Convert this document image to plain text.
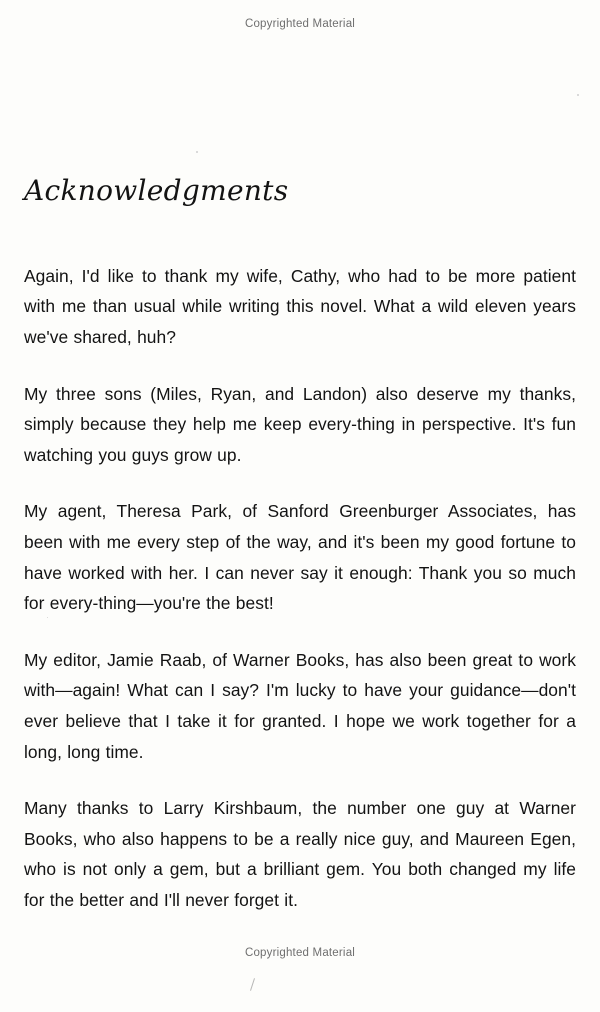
Copyrighted Material
Acknowledgments

Again, I'd like to thank my wife, Cathy, who had to be more patient with me than usual while writing this novel. What a wild eleven years we've shared, huh?

My three sons (Miles, Ryan, and Landon) also deserve my thanks, simply because they help me keep every-thing in perspective. It's fun watching you guys grow up.

My agent, Theresa Park, of Sanford Greenburger Associates, has been with me every step of the way, and it's been my good fortune to have worked with her. I can never say it enough: Thank you so much for every-thing—you're the best!

My editor, Jamie Raab, of Warner Books, has also been great to work with—again! What can I say? I'm lucky to have your guidance—don't ever believe that I take it for granted. I hope we work together for a long, long time.

Many thanks to Larry Kirshbaum, the number one guy at Warner Books, who also happens to be a really nice guy, and Maureen Egen, who is not only a gem, but a brilliant gem. You both changed my life for the better and I'll never forget it.

Copyrighted Material
